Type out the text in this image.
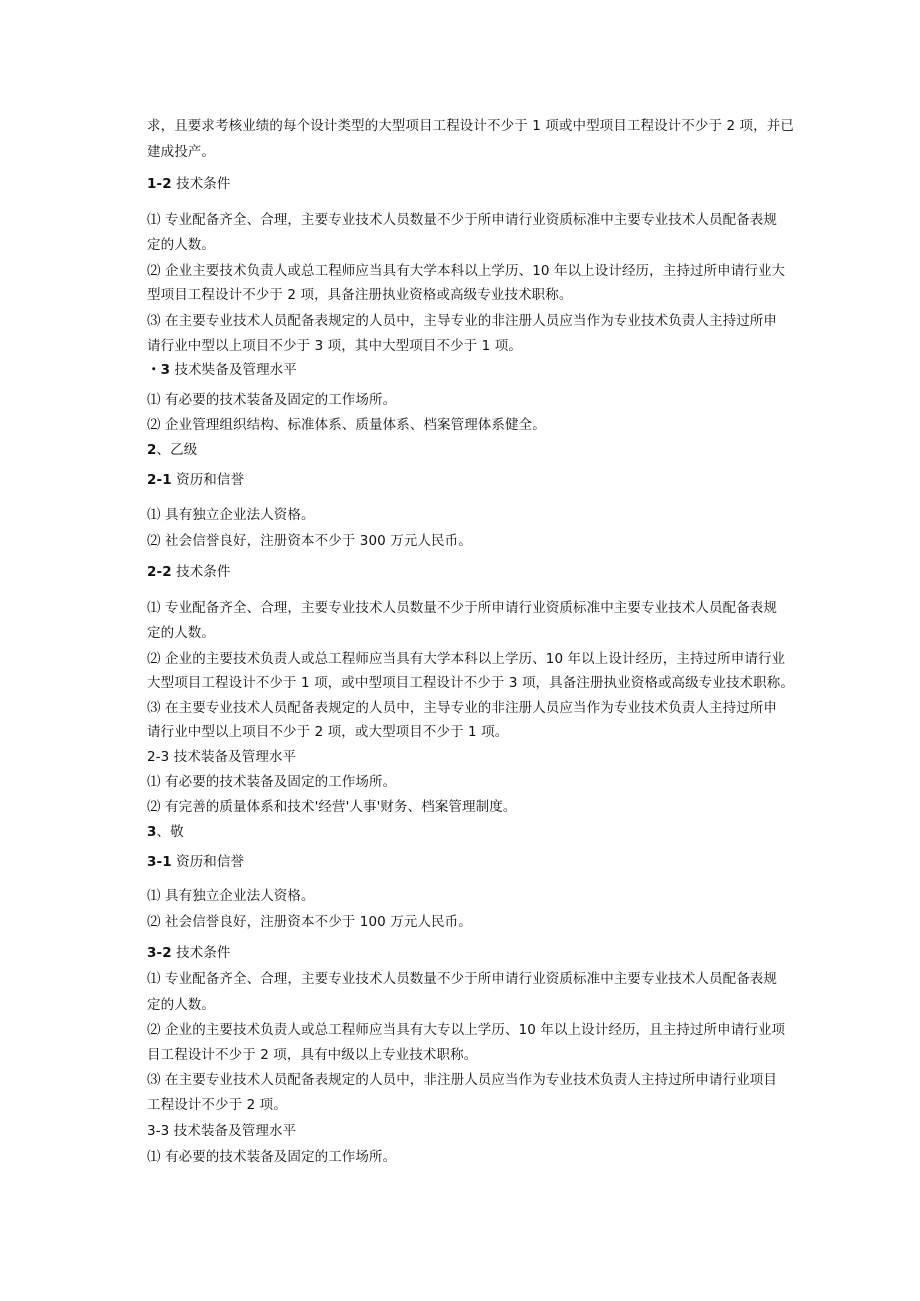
求，且要求考核业绩的每个设计类型的大型项目工程设计不少于 1 项或中型项目工程设计不少于 2 项，并已
建成投产。
1-2 技术条件
⑴ 专业配备齐全、合理，主要专业技术人员数量不少于所申请行业资质标准中主要专业技术人员配备表规
定的人数。
⑵ 企业主要技术负责人或总工程师应当具有大学本科以上学历、10 年以上设计经历，主持过所申请行业大
型项目工程设计不少于 2 项，具备注册执业资格或高级专业技术职称。
⑶ 在主要专业技术人员配备表规定的人员中，主导专业的非注册人员应当作为专业技术负责人主持过所申
请行业中型以上项目不少于 3 项，其中大型项目不少于 1 项。
・3 技术奘备及管理水平
⑴ 有必要的技术装备及固定的工作场所。
⑵ 企业管理组织结构、标准体系、质量体系、档案管理体系健全。
2、乙级
2-1 资历和信誉
⑴ 具有独立企业法人资格。
⑵ 社会信誉良好，注册资本不少于 300 万元人民币。
2-2 技术条件
⑴ 专业配备齐全、合理，主要专业技术人员数量不少于所申请行业资质标准中主要专业技术人员配备表规
定的人数。
⑵ 企业的主要技术负责人或总工程师应当具有大学本科以上学历、10 年以上设计经历，主持过所申请行业
大型项目工程设计不少于 1 项，或中型项目工程设计不少于 3 项，具备注册执业资格或高级专业技术职称。
⑶ 在主要专业技术人员配备表规定的人员中，主导专业的非注册人员应当作为专业技术负责人主持过所申
请行业中型以上项目不少于 2 项，或大型项目不少于 1 项。
2-3 技术装备及管理水平
⑴ 有必要的技术装备及固定的工作场所。
⑵ 有完善的质量体系和技术'经营'人事'财务、档案管理制度。
3、敬
3-1 资历和信誉
⑴ 具有独立企业法人资格。
⑵ 社会信誉良好，注册资本不少于 100 万元人民币。
3-2 技术条件
⑴ 专业配备齐全、合理，主要专业技术人员数量不少于所申请行业资质标准中主要专业技术人员配备表规
定的人数。
⑵ 企业的主要技术负责人或总工程师应当具有大专以上学历、10 年以上设计经历，且主持过所申请行业项
目工程设计不少于 2 项，具有中级以上专业技术职称。
⑶ 在主要专业技术人员配备表规定的人员中，非注册人员应当作为专业技术负责人主持过所申请行业项目
工程设计不少于 2 项。
3-3 技术装备及管理水平
⑴ 有必要的技术装备及固定的工作场所。
